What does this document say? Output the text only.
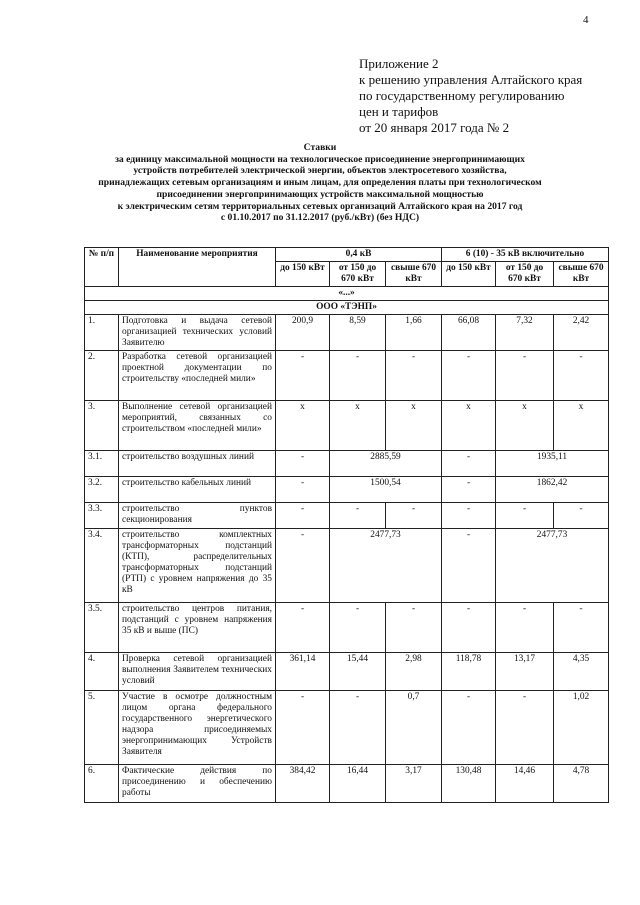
4
Приложение 2
к решению управления Алтайского края
по государственному регулированию
цен и тарифов
от 20 января 2017 года № 2
Ставки
за единицу максимальной мощности на технологическое присоединение энергопринимающих
устройств потребителей электрической энергии, объектов электросетевого хозяйства,
принадлежащих сетевым организациям и иным лицам, для определения платы при технологическом
присоединении энергопринимающих устройств максимальной мощностью
к электрическим сетям территориальных сетевых организаций Алтайского края на 2017 год
с 01.10.2017 по 31.12.2017 (руб./кВт) (без НДС)
№ п/п	Наименование мероприятия	0,4 кВ			6 (10) - 35 кВ включительно		
		до 150 кВт	от 150 до 670 кВт	свыше 670 кВт	до 150 кВт	от 150 до 670 кВт	свыше 670 кВт
«...»							
ООО «ТЭНП»							
1.	Подготовка и выдача сетевой организацией технических условий Заявителю	200,9	8,59	1,66	66,08	7,32	2,42
2.	Разработка сетевой организацией проектной документации по строительству «последней мили»	-	-	-	-	-	-
3.	Выполнение сетевой организацией мероприятий, связанных со строительством «последней мили»	х	х	х	х	х	х
3.1.	строительство воздушных линий	-	2885,59		-	1935,11	
3.2.	строительство кабельных линий	-	1500,54		-	1862,42	
3.3.	строительство пунктов секционирования	-	-	-	-	-	-
3.4.	строительство комплектных трансформаторных подстанций (КТП), распределительных трансформаторных подстанций (РТП) с уровнем напряжения до 35 кВ	-	2477,73		-	2477,73	
3.5.	строительство центров питания, подстанций с уровнем напряжения 35 кВ и выше (ПС)	-	-	-	-	-	-
4.	Проверка сетевой организацией выполнения Заявителем технических условий	361,14	15,44	2,98	118,78	13,17	4,35
5.	Участие в осмотре должностным лицом органа федерального государственного энергетического надзора присоединяемых энергопринимающих Устройств Заявителя	-	-	0,7	-	-	1,02
6.	Фактические действия по присоединению и обеспечению работы	384,42	16,44	3,17	130,48	14,46	4,78
